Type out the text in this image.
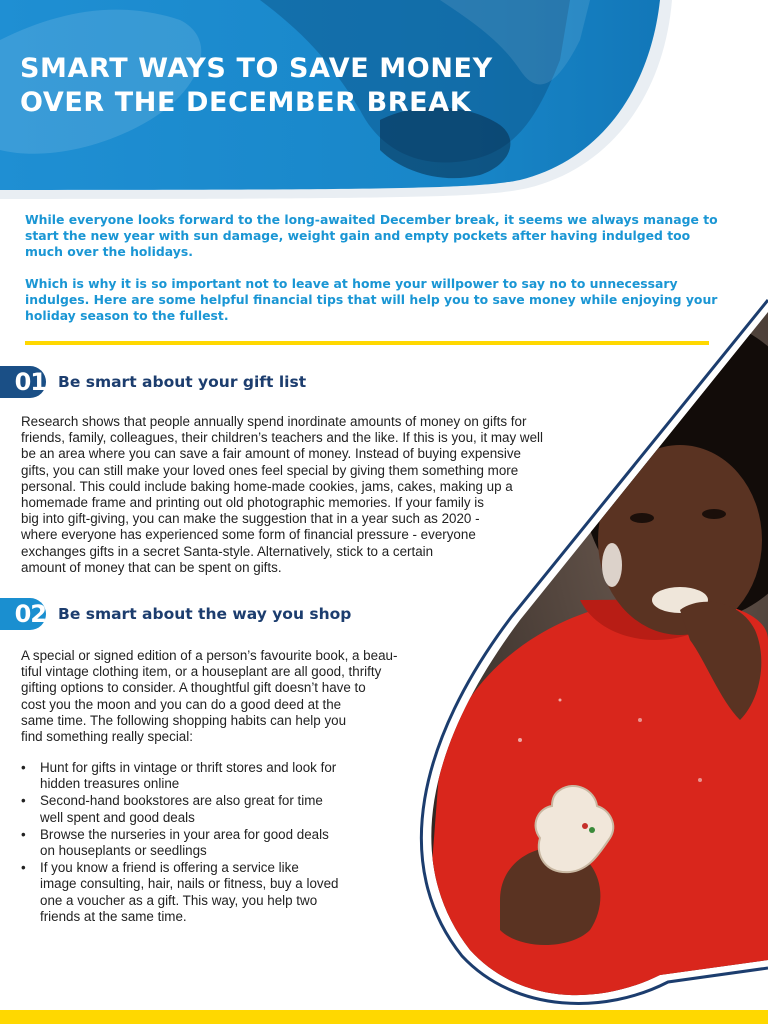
SMART WAYS TO SAVE MONEY
OVER THE DECEMBER BREAK

While everyone looks forward to the long-awaited December break, it seems we always manage to start the new year with sun damage, weight gain and empty pockets after having indulged too much over the holidays.

Which is why it is so important not to leave at home your willpower to say no to unnecessary indulges. Here are some helpful financial tips that will help you to save money while enjoying your holiday season to the fullest.

01 Be smart about your gift list

Research shows that people annually spend inordinate amounts of money on gifts for
friends, family, colleagues, their children’s teachers and the like. If this is you, it may well
be an area where you can save a fair amount of money. Instead of buying expensive
gifts, you can still make your loved ones feel special by giving them something more
personal. This could include baking home-made cookies, jams, cakes, making up a
homemade frame and printing out old photographic memories. If your family is
big into gift-giving, you can make the suggestion that in a year such as 2020 -
where everyone has experienced some form of financial pressure - everyone
exchanges gifts in a secret Santa-style. Alternatively, stick to a certain
amount of money that can be spent on gifts.

02 Be smart about the way you shop

A special or signed edition of a person’s favourite book, a beau-
tiful vintage clothing item, or a houseplant are all good, thrifty
gifting options to consider. A thoughtful gift doesn’t have to
cost you the moon and you can do a good deed at the
same time. The following shopping habits can help you
find something really special:

• Hunt for gifts in vintage or thrift stores and look for
hidden treasures online
• Second-hand bookstores are also great for time
well spent and good deals
• Browse the nurseries in your area for good deals
on houseplants or seedlings
• If you know a friend is offering a service like
image consulting, hair, nails or fitness, buy a loved
one a voucher as a gift. This way, you help two
friends at the same time.
